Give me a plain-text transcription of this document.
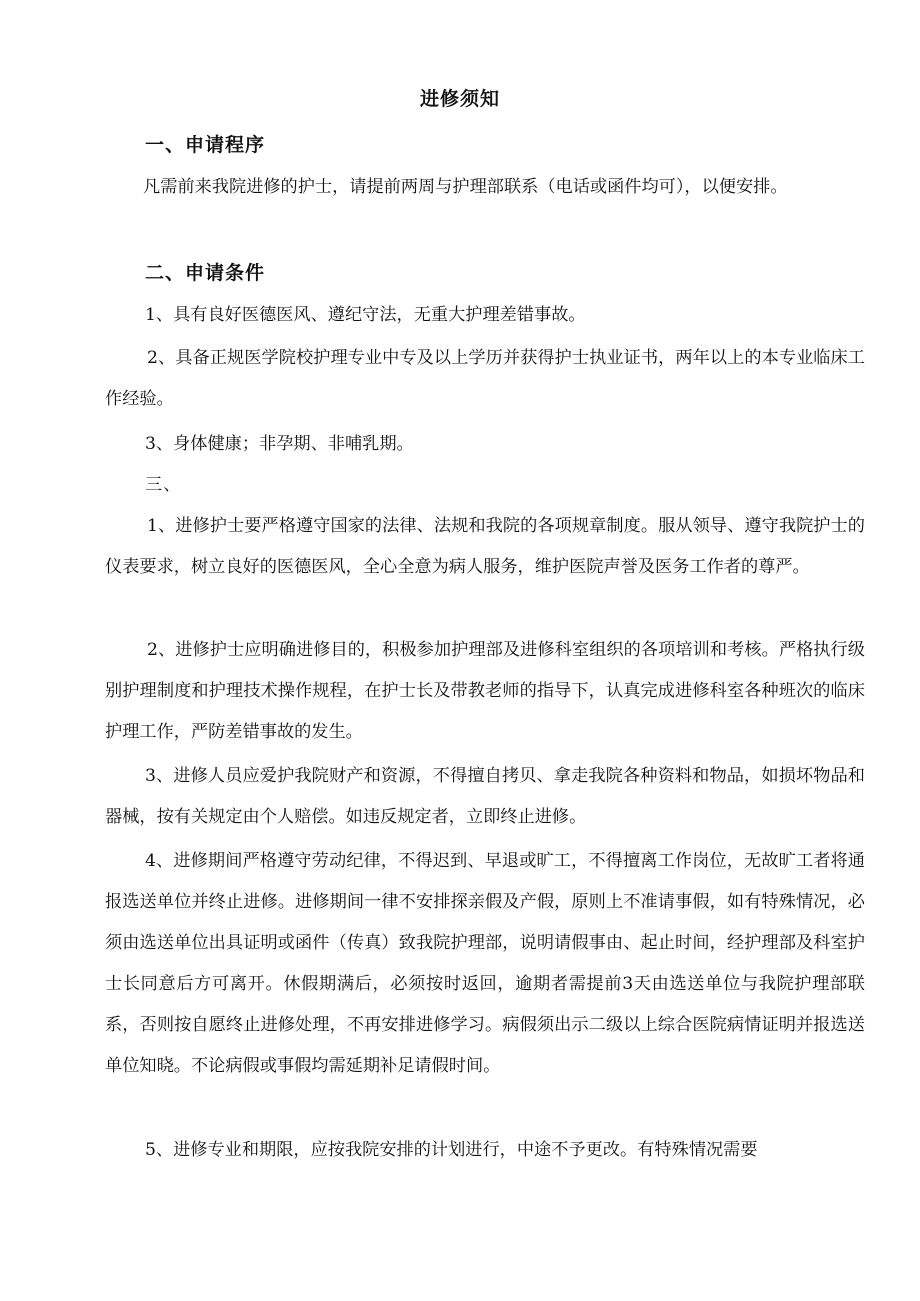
进修须知
一、申请程序

凡需前来我院进修的护士，请提前两周与护理部联系（电话或函件均可），以便安排。

二、申请条件

1、具有良好医德医风、遵纪守法，无重大护理差错事故。

2、具备正规医学院校护理专业中专及以上学历并获得护士执业证书，两年以上的本专业临床工作经验。

3、身体健康；非孕期、非哺乳期。

三、

1、进修护士要严格遵守国家的法律、法规和我院的各项规章制度。服从领导、遵守我院护士的仪表要求，树立良好的医德医风，全心全意为病人服务，维护医院声誉及医务工作者的尊严。

2、进修护士应明确进修目的，积极参加护理部及进修科室组织的各项培训和考核。严格执行级别护理制度和护理技术操作规程，在护士长及带教老师的指导下，认真完成进修科室各种班次的临床护理工作，严防差错事故的发生。

3、进修人员应爱护我院财产和资源，不得擅自拷贝、拿走我院各种资料和物品，如损坏物品和器械，按有关规定由个人赔偿。如违反规定者，立即终止进修。

4、进修期间严格遵守劳动纪律，不得迟到、早退或旷工，不得擅离工作岗位，无故旷工者将通报选送单位并终止进修。进修期间一律不安排探亲假及产假，原则上不准请事假，如有特殊情况，必须由选送单位出具证明或函件（传真）致我院护理部，说明请假事由、起止时间，经护理部及科室护士长同意后方可离开。休假期满后，必须按时返回，逾期者需提前3天由选送单位与我院护理部联系，否则按自愿终止进修处理，不再安排进修学习。病假须出示二级以上综合医院病情证明并报选送单位知晓。不论病假或事假均需延期补足请假时间。

5、进修专业和期限，应按我院安排的计划进行，中途不予更改。有特殊情况需要
